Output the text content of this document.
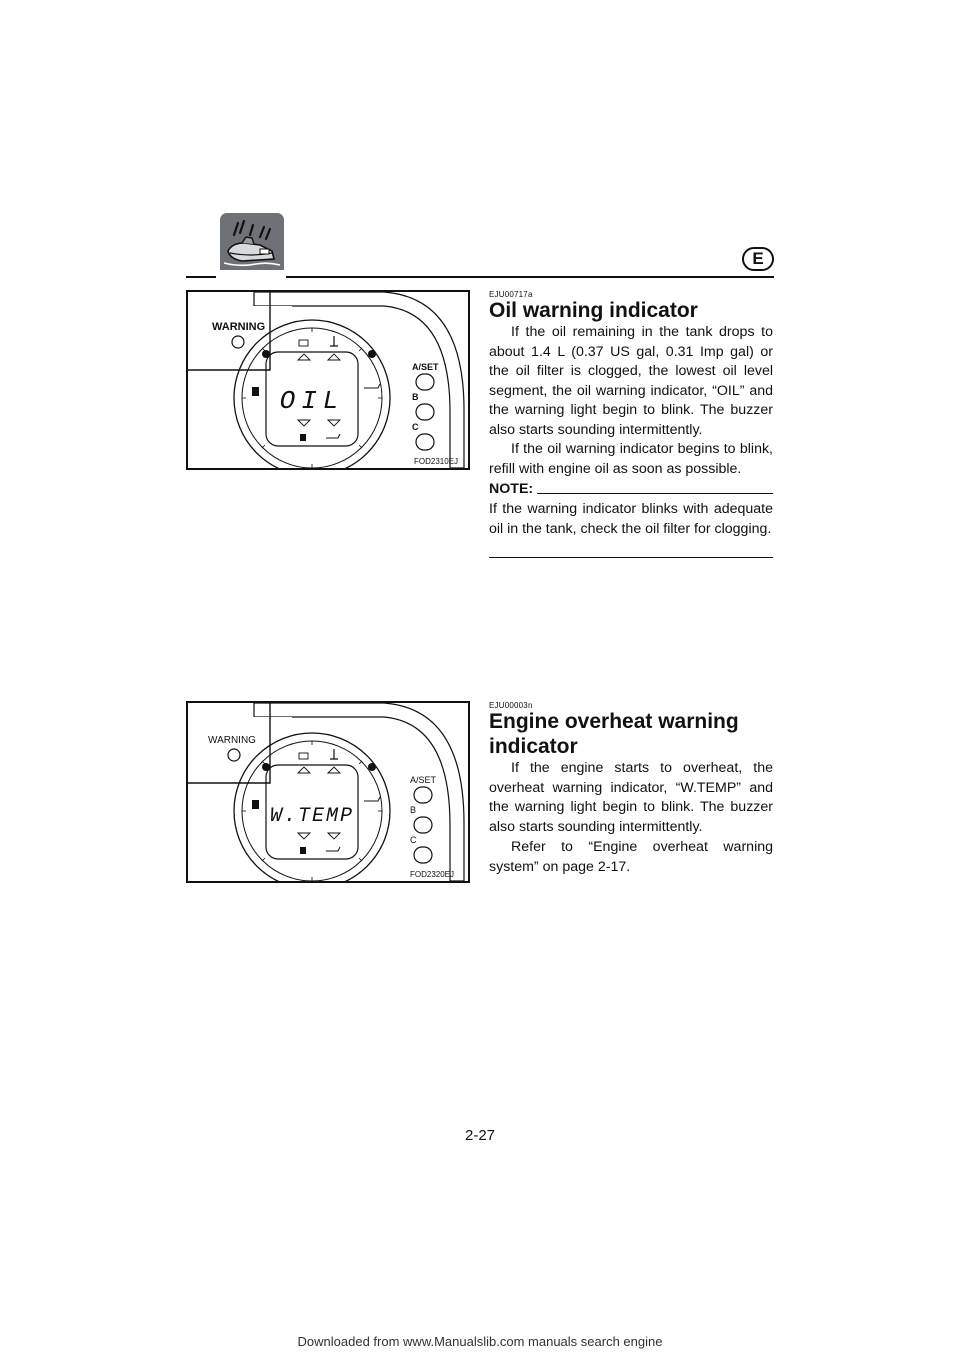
E
WARNING
OIL
A/SET
B
C
FOD2310EJ
EJU00717a
Oil warning indicator

If the oil remaining in the tank drops to about 1.4 L (0.37 US gal, 0.31 Imp gal) or the oil filter is clogged, the lowest oil level segment, the oil warning indicator, “OIL” and the warning light begin to blink. The buzzer also starts sounding intermittently.

If the oil warning indicator begins to blink, refill with engine oil as soon as possible.

NOTE:

If the warning indicator blinks with adequate oil in the tank, check the oil filter for clogging.

WARNING
W.TEMP
A/SET
B
C
FOD2320EJ
EJU00003n
Engine overheat warning
indicator

If the engine starts to overheat, the overheat warning indicator, “W.TEMP” and the warning light begin to blink. The buzzer also starts sounding intermittently.

Refer to “Engine overheat warning system” on page 2-17.

2-27
Downloaded from www.Manualslib.com manuals search engine
